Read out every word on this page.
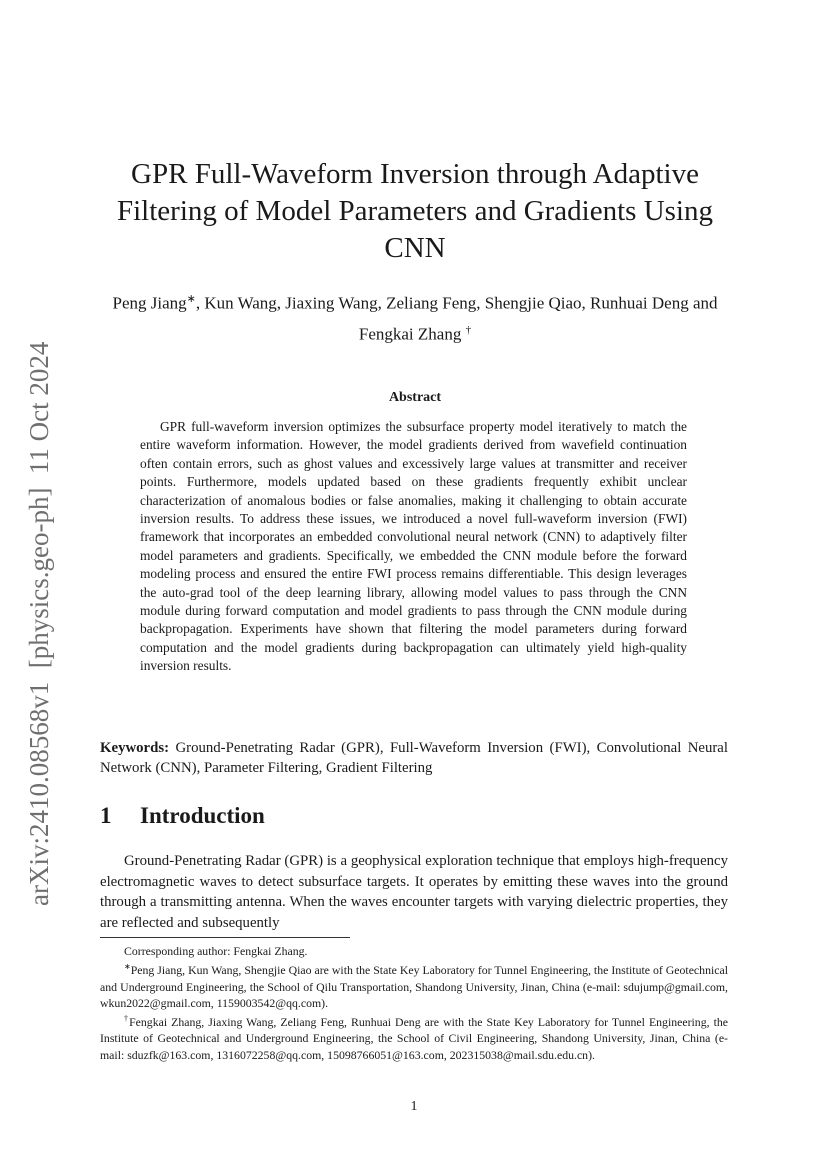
arXiv:2410.08568v1  [physics.geo-ph]  11 Oct 2024
GPR Full-Waveform Inversion through Adaptive Filtering of Model Parameters and Gradients Using CNN
Peng Jiang∗, Kun Wang, Jiaxing Wang, Zeliang Feng, Shengjie Qiao, Runhuai Deng and Fengkai Zhang †
Abstract

GPR full-waveform inversion optimizes the subsurface property model iteratively to match the entire waveform information. However, the model gradients derived from wavefield continuation often contain errors, such as ghost values and excessively large values at transmitter and receiver points. Furthermore, models updated based on these gradients frequently exhibit unclear characterization of anomalous bodies or false anomalies, making it challenging to obtain accurate inversion results. To address these issues, we introduced a novel full-waveform inversion (FWI) framework that incorporates an embedded convolutional neural network (CNN) to adaptively filter model parameters and gradients. Specifically, we embedded the CNN module before the forward modeling process and ensured the entire FWI process remains differentiable. This design leverages the auto-grad tool of the deep learning library, allowing model values to pass through the CNN module during forward computation and model gradients to pass through the CNN module during backpropagation. Experiments have shown that filtering the model parameters during forward computation and the model gradients during backpropagation can ultimately yield high-quality inversion results.

Keywords: Ground-Penetrating Radar (GPR), Full-Waveform Inversion (FWI), Convolutional Neural Network (CNN), Parameter Filtering, Gradient Filtering

1 Introduction

Ground-Penetrating Radar (GPR) is a geophysical exploration technique that employs high-frequency electromagnetic waves to detect subsurface targets. It operates by emitting these waves into the ground through a transmitting antenna. When the waves encounter targets with varying dielectric properties, they are reflected and subsequently

Corresponding author: Fengkai Zhang.

∗Peng Jiang, Kun Wang, Shengjie Qiao are with the State Key Laboratory for Tunnel Engineering, the Institute of Geotechnical and Underground Engineering, the School of Qilu Transportation, Shandong University, Jinan, China (e-mail: sdujump@gmail.com, wkun2022@gmail.com, 1159003542@qq.com).

†Fengkai Zhang, Jiaxing Wang, Zeliang Feng, Runhuai Deng are with the State Key Laboratory for Tunnel Engineering, the Institute of Geotechnical and Underground Engineering, the School of Civil Engineering, Shandong University, Jinan, China (e-mail: sduzfk@163.com, 1316072258@qq.com, 15098766051@163.com, 202315038@mail.sdu.edu.cn).

1
